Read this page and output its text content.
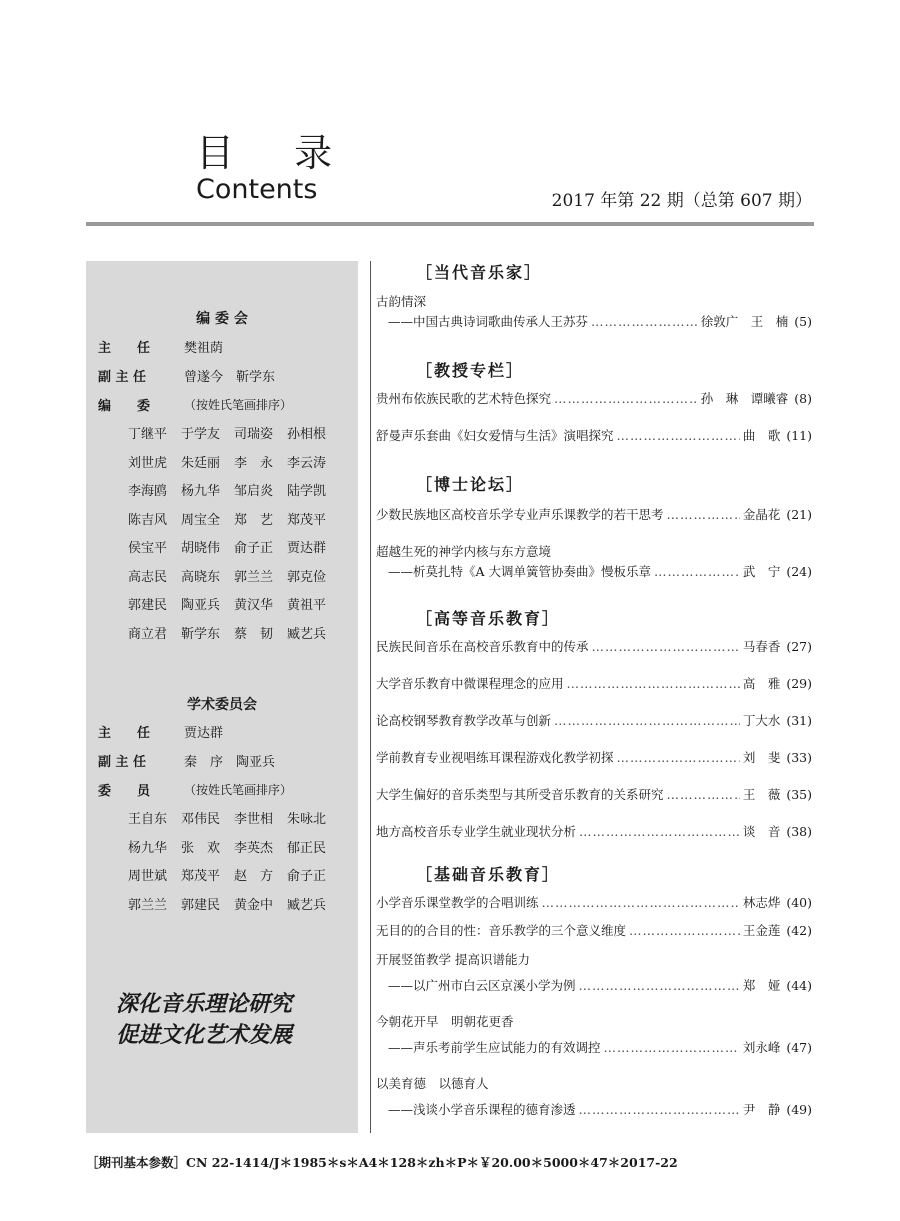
目 录
Contents	2017 年第 22 期（总第 607 期）
编 委 会
主　　任	樊祖荫
副 主 任	曾遂今　靳学东
编　　委	（按姓氏笔画排序）
丁继平	于学友	司瑞姿	孙相根
刘世虎	朱廷丽	李　永	李云涛
李海鸥	杨九华	邹启炎	陆学凯
陈吉风	周宝全	郑　艺	郑茂平
侯宝平	胡晓伟	俞子正	贾达群
高志民	高晓东	郭兰兰	郭克俭
郭建民	陶亚兵	黄汉华	黄祖平
商立君	靳学东	蔡　韧	臧艺兵
学术委员会
主　　任	贾达群
副 主 任	秦　序　陶亚兵
委　　员	（按姓氏笔画排序）
王自东	邓伟民	李世相	朱咏北
杨九华	张　欢	李英杰	郁正民
周世斌	郑茂平	赵　方	俞子正
郭兰兰	郭建民	黄金中	臧艺兵
深化音乐理论研究
促进文化艺术发展
［当代音乐家］
古韵情深
——中国古典诗词歌曲传承人王苏芬 ……………………………………………………………………………………………………………………………………………………	徐敦广　王　楠 (5)
［教授专栏］
贵州布依族民歌的艺术特色探究 ……………………………………………………………………………………………………………………………………………………	孙　琳　谭曦睿 (8)
舒曼声乐套曲《妇女爱情与生活》演唱探究 ……………………………………………………………………………………………………………………………………………………	曲　歌 (11)
［博士论坛］
少数民族地区高校音乐学专业声乐课教学的若干思考 ……………………………………………………………………………………………………………………………………………………	金晶花 (21)
超越生死的神学内核与东方意境
——析莫扎特《A 大调单簧管协奏曲》慢板乐章 ……………………………………………………………………………………………………………………………………………………	武　宁 (24)
［高等音乐教育］
民族民间音乐在高校音乐教育中的传承 ……………………………………………………………………………………………………………………………………………………	马春香 (27)
大学音乐教育中微课程理念的应用 ……………………………………………………………………………………………………………………………………………………	高　雅 (29)
论高校钢琴教育教学改革与创新 ……………………………………………………………………………………………………………………………………………………	丁大水 (31)
学前教育专业视唱练耳课程游戏化教学初探 ……………………………………………………………………………………………………………………………………………………	刘　斐 (33)
大学生偏好的音乐类型与其所受音乐教育的关系研究 ……………………………………………………………………………………………………………………………………………………	王　薇 (35)
地方高校音乐专业学生就业现状分析 ……………………………………………………………………………………………………………………………………………………	谈　音 (38)
［基础音乐教育］
小学音乐课堂教学的合唱训练 ……………………………………………………………………………………………………………………………………………………	林志烨 (40)
无目的的合目的性：音乐教学的三个意义维度 ……………………………………………………………………………………………………………………………………………………	王金莲 (42)
开展竖笛教学 提高识谱能力
——以广州市白云区京溪小学为例 ……………………………………………………………………………………………………………………………………………………	郑　娅 (44)
今朝花开早　明朝花更香
——声乐考前学生应试能力的有效调控 ……………………………………………………………………………………………………………………………………………………	刘永峰 (47)
以美育德　以德育人
——浅谈小学音乐课程的德育渗透 ……………………………………………………………………………………………………………………………………………………	尹　静 (49)
［期刊基本参数］CN 22-1414/J＊1985＊s＊A4＊128＊zh＊P＊￥20.00＊5000＊47＊2017-22
